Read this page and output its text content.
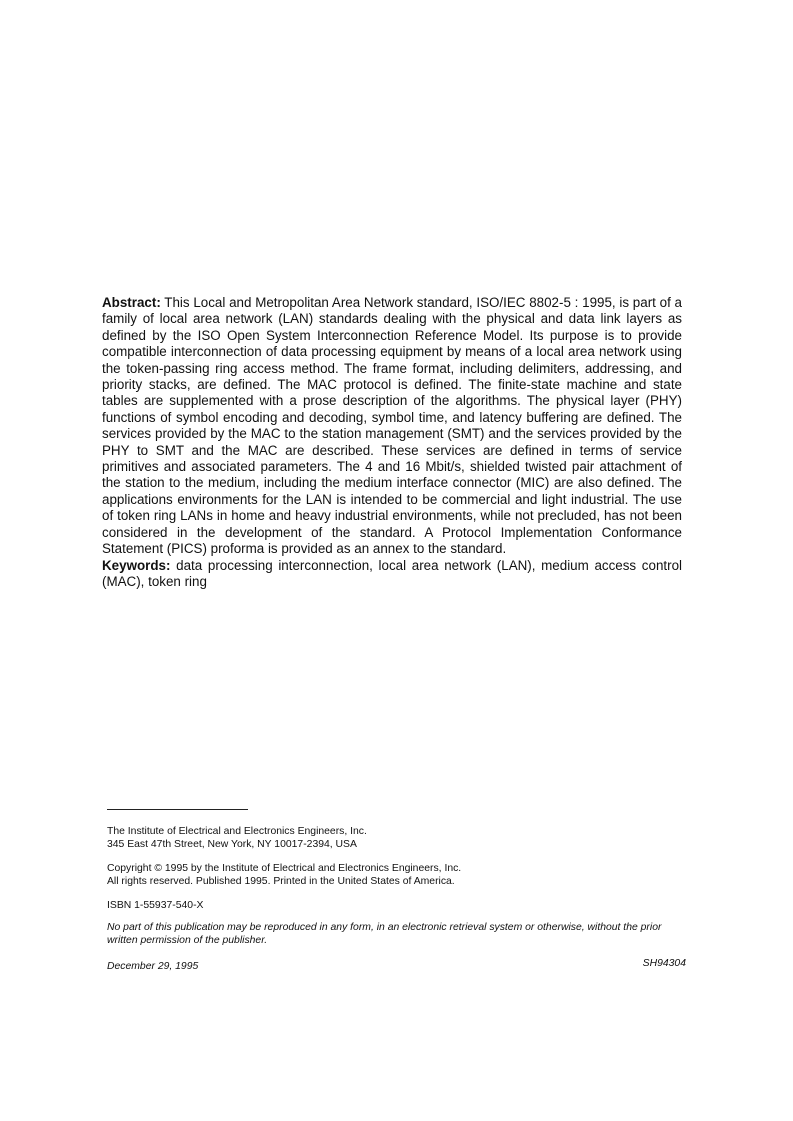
Abstract: This Local and Metropolitan Area Network standard, ISO/IEC 8802-5 : 1995, is part of a family of local area network (LAN) standards dealing with the physical and data link layers as defined by the ISO Open System Interconnection Reference Model. Its purpose is to provide compatible interconnection of data processing equipment by means of a local area network using the token-passing ring access method. The frame format, including delimiters, addressing, and priority stacks, are defined. The MAC protocol is defined. The finite-state machine and state tables are supplemented with a prose description of the algorithms. The physical layer (PHY) functions of symbol encoding and decoding, symbol time, and latency buffering are defined. The services provided by the MAC to the station management (SMT) and the services provided by the PHY to SMT and the MAC are described. These services are defined in terms of service primitives and associated parameters. The 4 and 16 Mbit/s, shielded twisted pair attachment of the station to the medium, including the medium interface connector (MIC) are also defined. The applications environments for the LAN is intended to be commercial and light industrial. The use of token ring LANs in home and heavy industrial environments, while not precluded, has not been considered in the development of the standard. A Protocol Implementation Conformance Statement (PICS) proforma is provided as an annex to the standard.

Keywords: data processing interconnection, local area network (LAN), medium access control (MAC), token ring

The Institute of Electrical and Electronics Engineers, Inc.
345 East 47th Street, New York, NY 10017-2394, USA
Copyright © 1995 by the Institute of Electrical and Electronics Engineers, Inc.
All rights reserved. Published 1995. Printed in the United States of America.
ISBN 1-55937-540-X
No part of this publication may be reproduced in any form, in an electronic retrieval system or otherwise, without the prior
written permission of the publisher.
December 29, 1995	SH94304
